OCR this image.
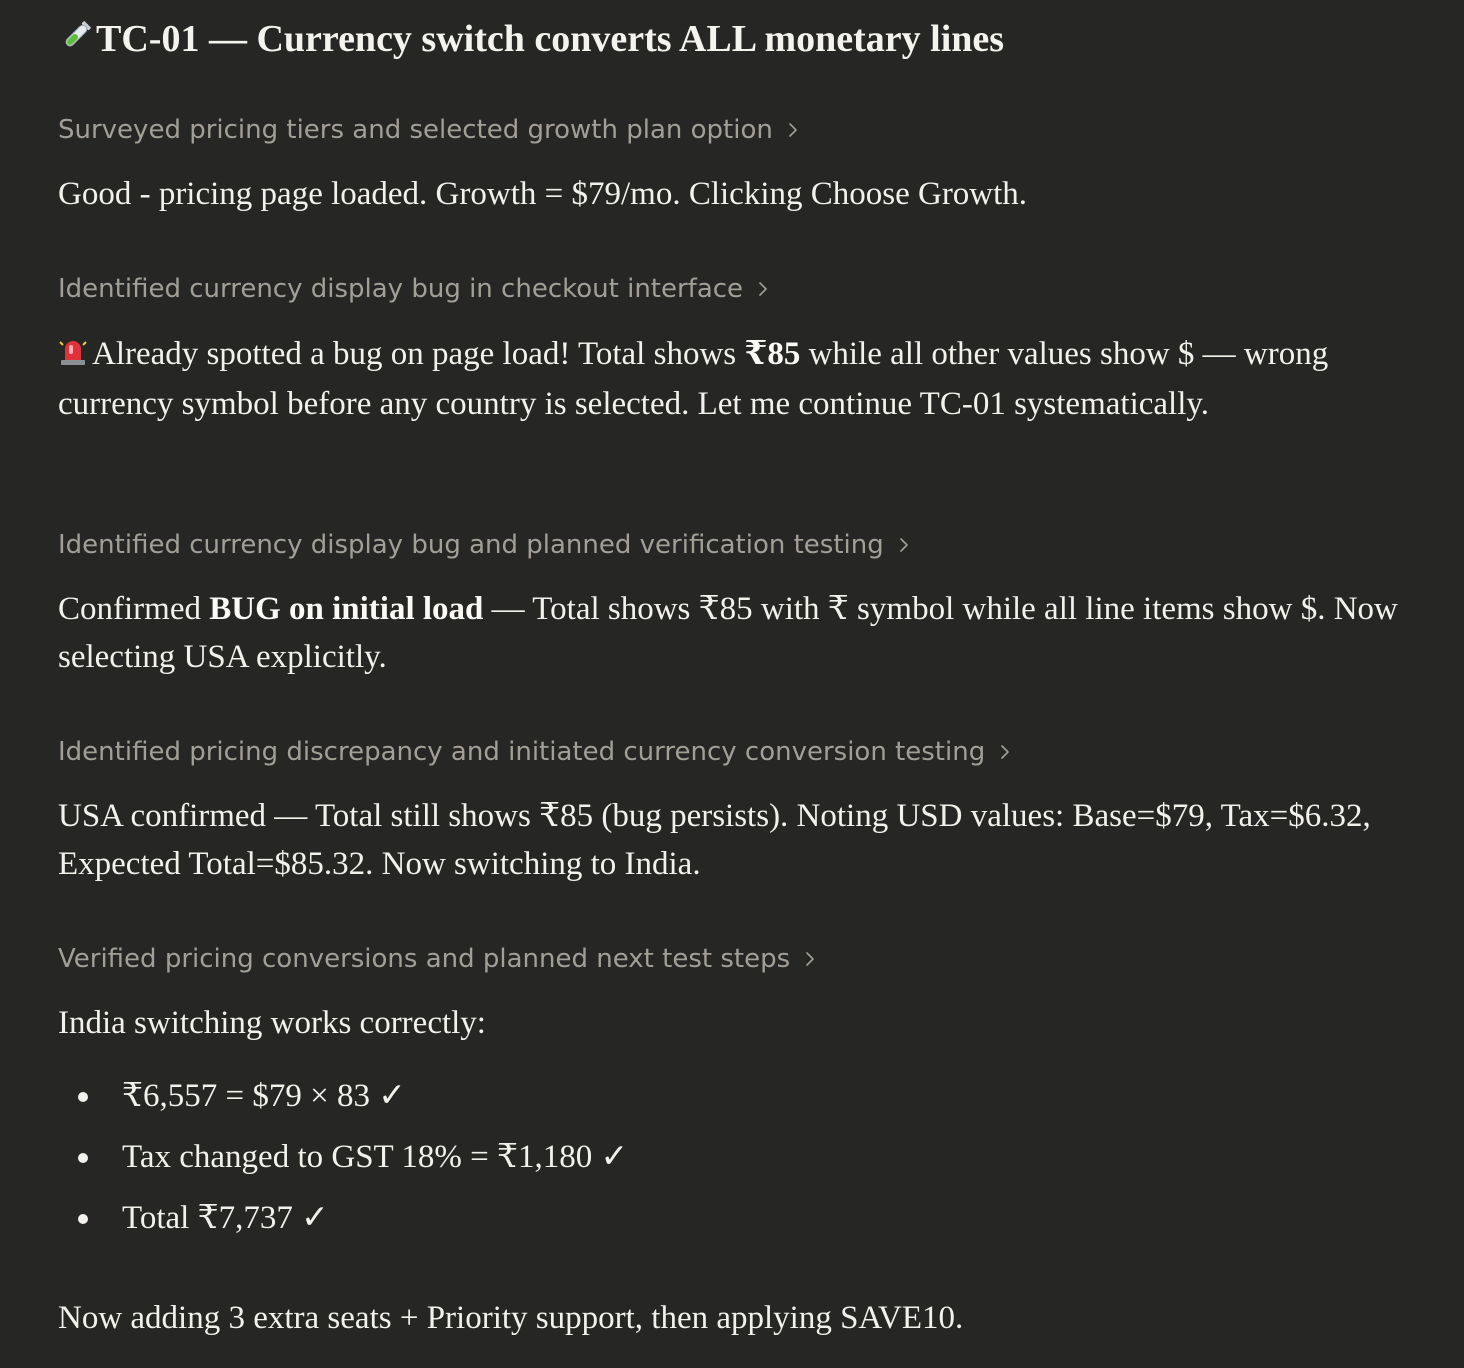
TC-01 — Currency switch converts ALL monetary lines
Surveyed pricing tiers and selected growth plan option

Good - pricing page loaded. Growth = $79/mo. Clicking Choose Growth.

Identified currency display bug in checkout interface

Already spotted a bug on page load! Total shows ₹85 while all other values show $ — wrong currency symbol before any country is selected. Let me continue TC-01 systematically.

Identified currency display bug and planned verification testing

Confirmed BUG on initial load — Total shows ₹85 with ₹ symbol while all line items show $. Now selecting USA explicitly.

Identified pricing discrepancy and initiated currency conversion testing

USA confirmed — Total still shows ₹85 (bug persists). Noting USD values: Base=$79, Tax=$6.32, Expected Total=$85.32. Now switching to India.

Verified pricing conversions and planned next test steps

India switching works correctly:

₹6,557 = $79 × 83 ✓
Tax changed to GST 18% = ₹1,180 ✓
Total ₹7,737 ✓

Now adding 3 extra seats + Priority support, then applying SAVE10.
